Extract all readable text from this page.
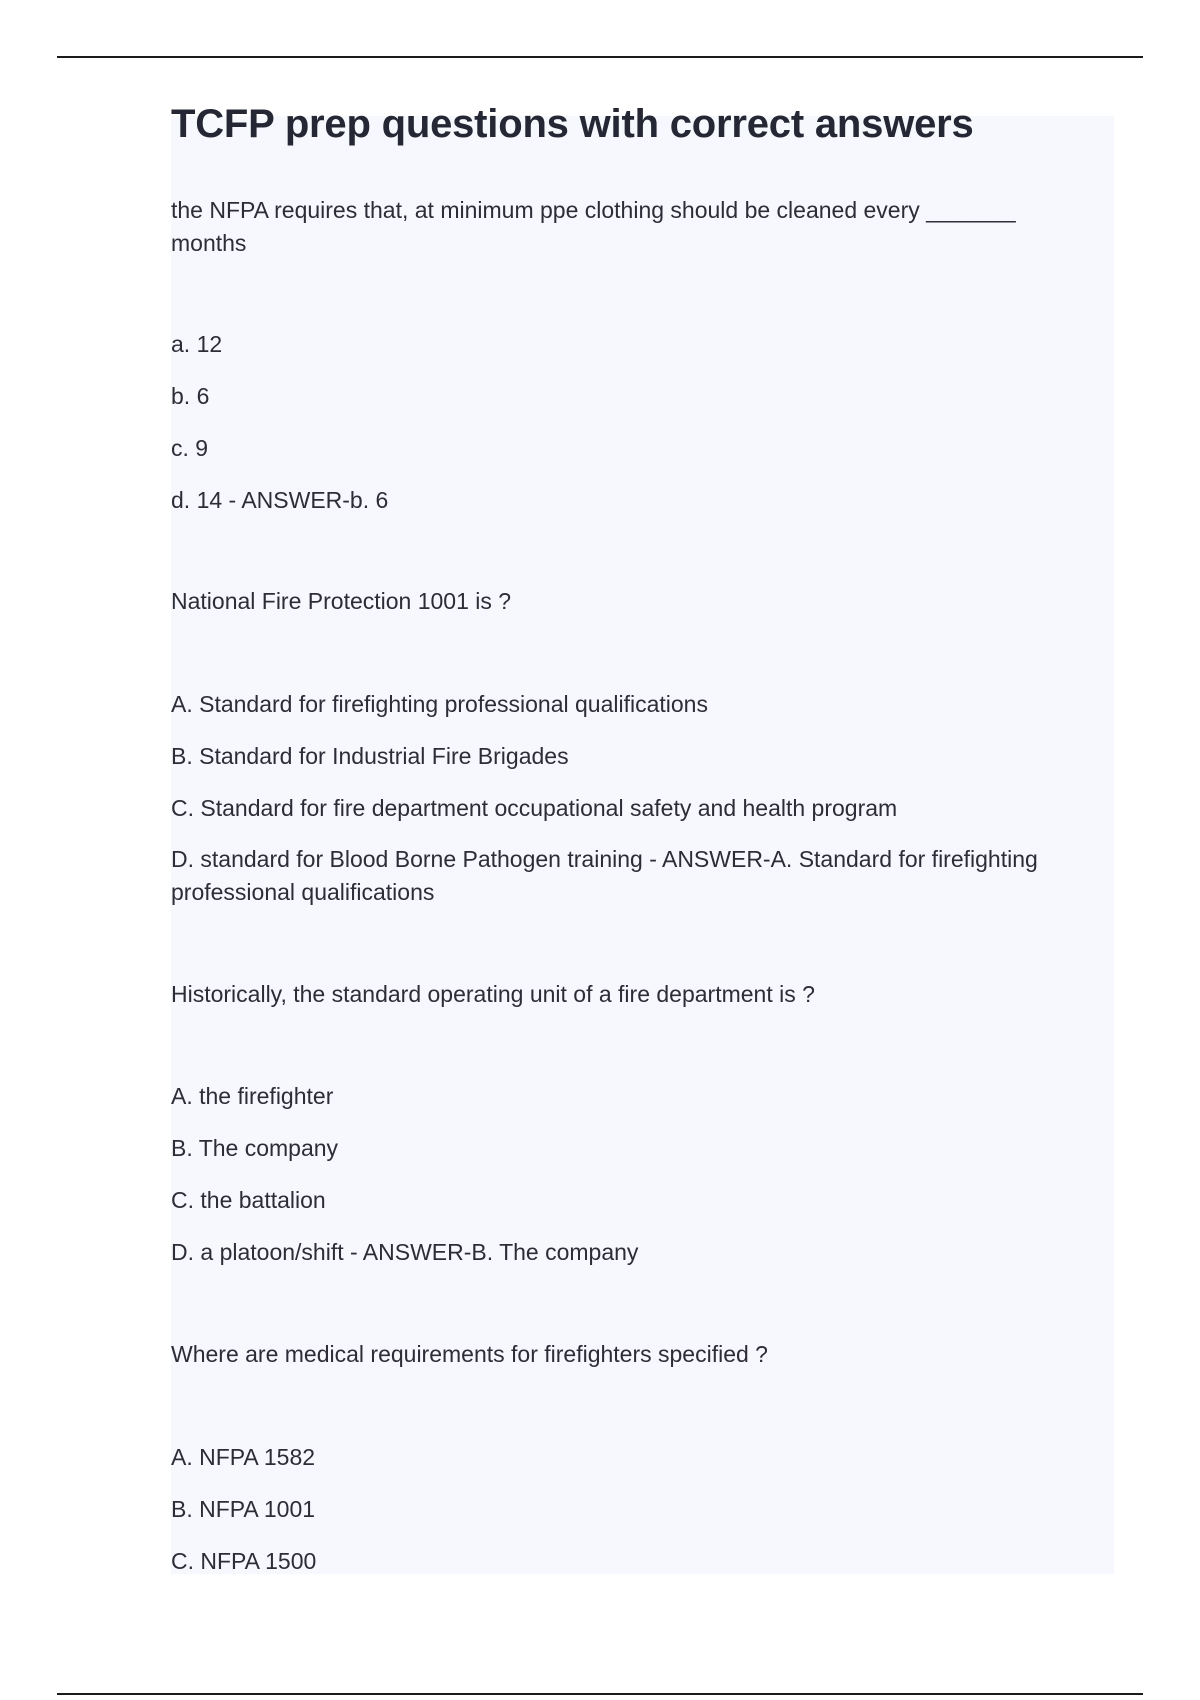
TCFP prep questions with correct answers

the NFPA requires that, at minimum ppe clothing should be cleaned every _______ months

a. 12

b. 6

c. 9

d. 14 - ANSWER-b. 6

National Fire Protection 1001 is ?

A. Standard for firefighting professional qualifications

B. Standard for Industrial Fire Brigades

C. Standard for fire department occupational safety and health program

D. standard for Blood Borne Pathogen training - ANSWER-A. Standard for firefighting professional qualifications

Historically, the standard operating unit of a fire department is ?

A. the firefighter

B. The company

C. the battalion

D. a platoon/shift - ANSWER-B. The company

Where are medical requirements for firefighters specified ?

A. NFPA 1582

B. NFPA 1001

C. NFPA 1500
